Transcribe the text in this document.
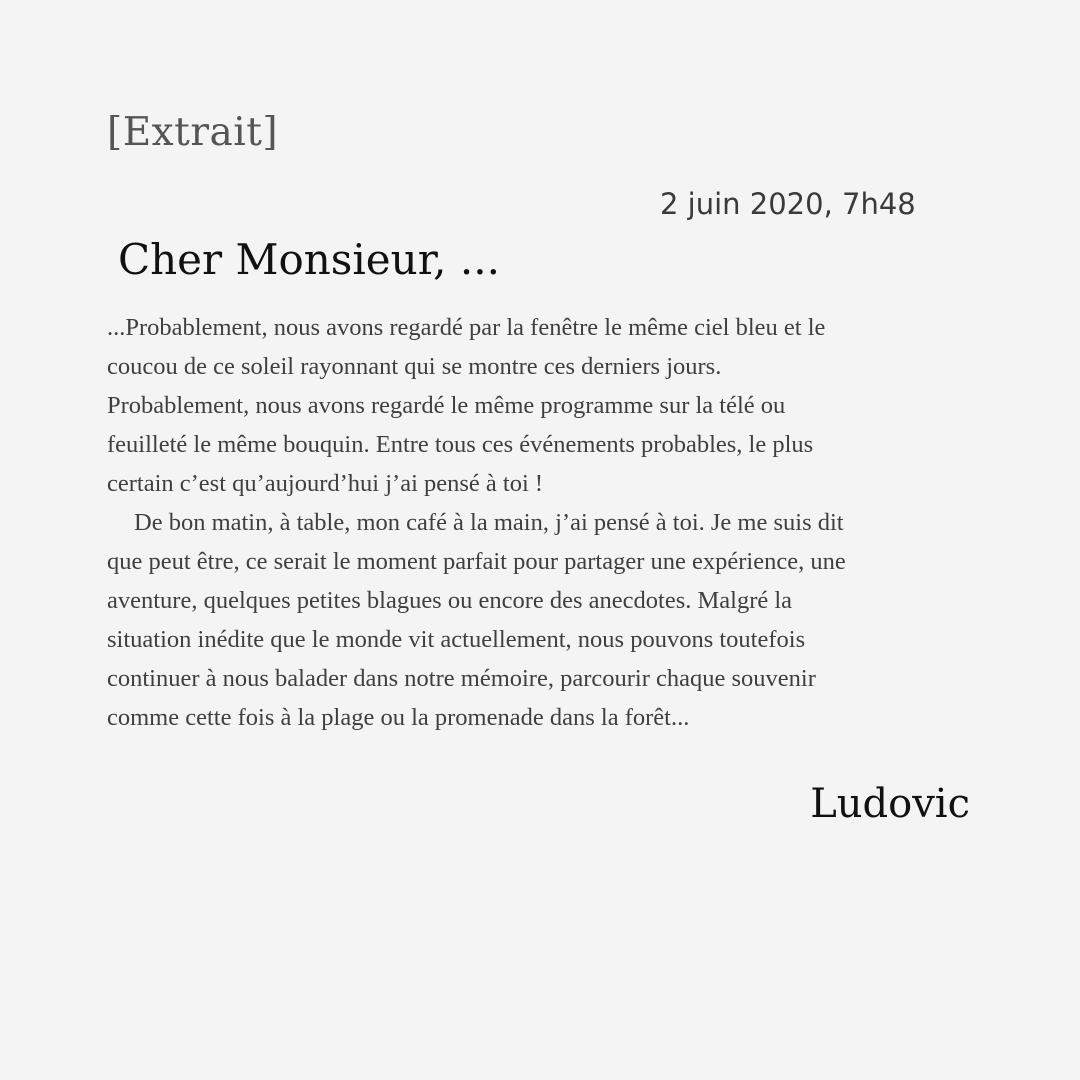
[Extrait]
2 juin 2020, 7h48
Cher Monsieur, ...

...Probablement, nous avons regardé par la fenêtre le même ciel bleu et le

coucou de ce soleil rayonnant qui se montre ces derniers jours.

Probablement, nous avons regardé le même programme sur la télé ou

feuilleté le même bouquin. Entre tous ces événements probables, le plus

certain c’est qu’aujourd’hui j’ai pensé à toi !

De bon matin, à table, mon café à la main, j’ai pensé à toi. Je me suis dit

que peut être, ce serait le moment parfait pour partager une expérience, une

aventure, quelques petites blagues ou encore des anecdotes. Malgré la

situation inédite que le monde vit actuellement, nous pouvons toutefois

continuer à nous balader dans notre mémoire, parcourir chaque souvenir

comme cette fois à la plage ou la promenade dans la forêt...

Ludovic
